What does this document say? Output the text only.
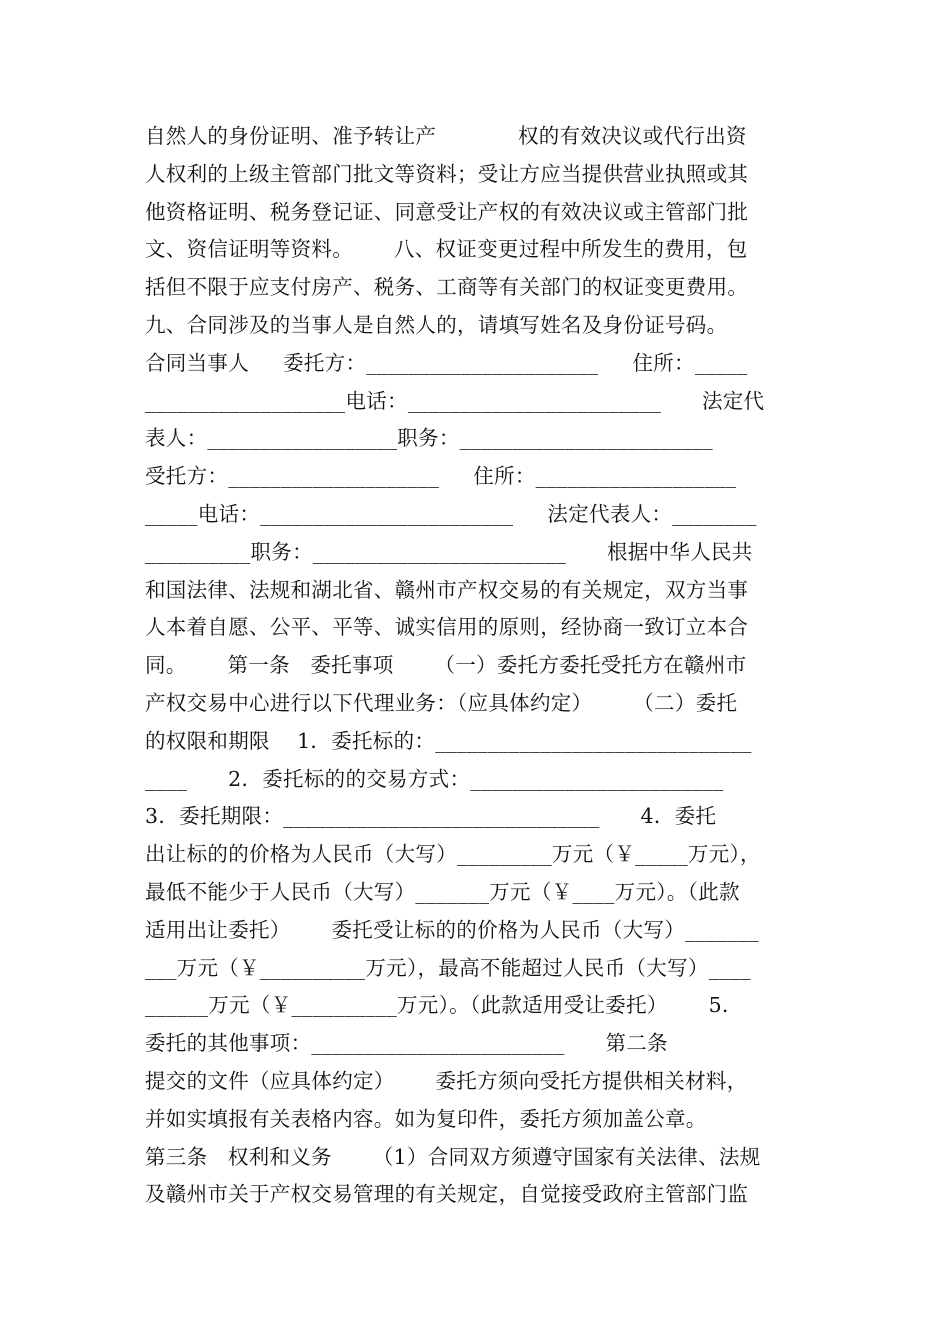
自然人的身份证明、准予转让产            权的有效决议或代行出资
人权利的上级主管部门批文等资料；受让方应当提供营业执照或其
他资格证明、税务登记证、同意受让产权的有效决议或主管部门批
文、资信证明等资料。      八、权证变更过程中所发生的费用，包
括但不限于应支付房产、税务、工商等有关部门的权证变更费用。
九、合同涉及的当事人是自然人的，请填写姓名及身份证号码。
合同当事人     委托方：______________________     住所：_____
___________________电话：________________________      法定代
表人：__________________职务：________________________
受托方：____________________     住所：___________________
_____电话：________________________     法定代表人：________
__________职务：________________________      根据中华人民共
和国法律、法规和湖北省、赣州市产权交易的有关规定，双方当事
人本着自愿、公平、平等、诚实信用的原则，经协商一致订立本合
同。      第一条   委托事项      （一）委托方委托受托方在赣州市
产权交易中心进行以下代理业务：（应具体约定）      （二）委托
的权限和期限    1．委托标的：______________________________
____      2．委托标的的交易方式：________________________
3．委托期限：______________________________      4．委托
出让标的的价格为人民币（大写）_________万元（￥_____万元），
最低不能少于人民币（大写）_______万元（￥____万元）。（此款
适用出让委托）      委托受让标的的价格为人民币（大写）_______
___万元（￥__________万元），最高不能超过人民币（大写）____
______万元（￥__________万元）。（此款适用受让委托）      5．
委托的其他事项：________________________      第二条
提交的文件（应具体约定）      委托方须向受托方提供相关材料，
并如实填报有关表格内容。如为复印件，委托方须加盖公章。
第三条   权利和义务      （1）合同双方须遵守国家有关法律、法规
及赣州市关于产权交易管理的有关规定，自觉接受政府主管部门监
